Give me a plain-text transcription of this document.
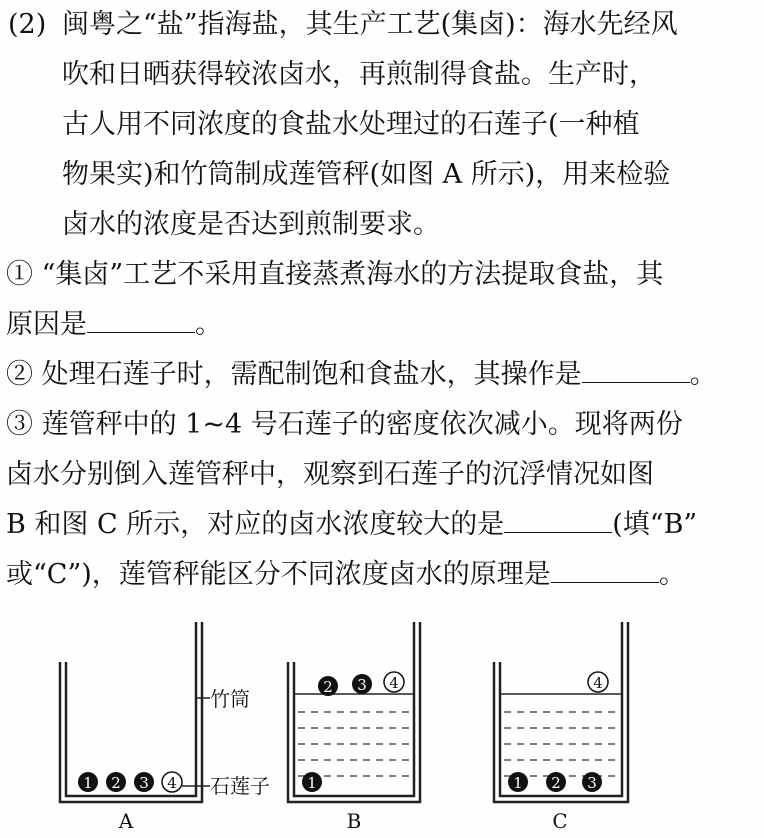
(2) 闽粤之“盐”指海盐，其生产工艺(集卤)：海水先经风
吹和日晒获得较浓卤水，再煎制得食盐。生产时，
古人用不同浓度的食盐水处理过的石莲子(一种植
物果实)和竹筒制成莲管秤(如图 A 所示)，用来检验
卤水的浓度是否达到煎制要求。
① “集卤”工艺不采用直接蒸煮海水的方法提取食盐，其
原因是	。
② 处理石莲子时，需配制饱和食盐水，其操作是	。
③ 莲管秤中的 1~4 号石莲子的密度依次减小。现将两份
卤水分别倒入莲管秤中，观察到石莲子的沉浮情况如图
B 和图 C 所示，对应的卤水浓度较大的是	(填“B”
或“C”)，莲管秤能区分不同浓度卤水的原理是	。
1 2 3 4
竹筒
石莲子
A
2 3 4
1
B
4
1 2 3
C
